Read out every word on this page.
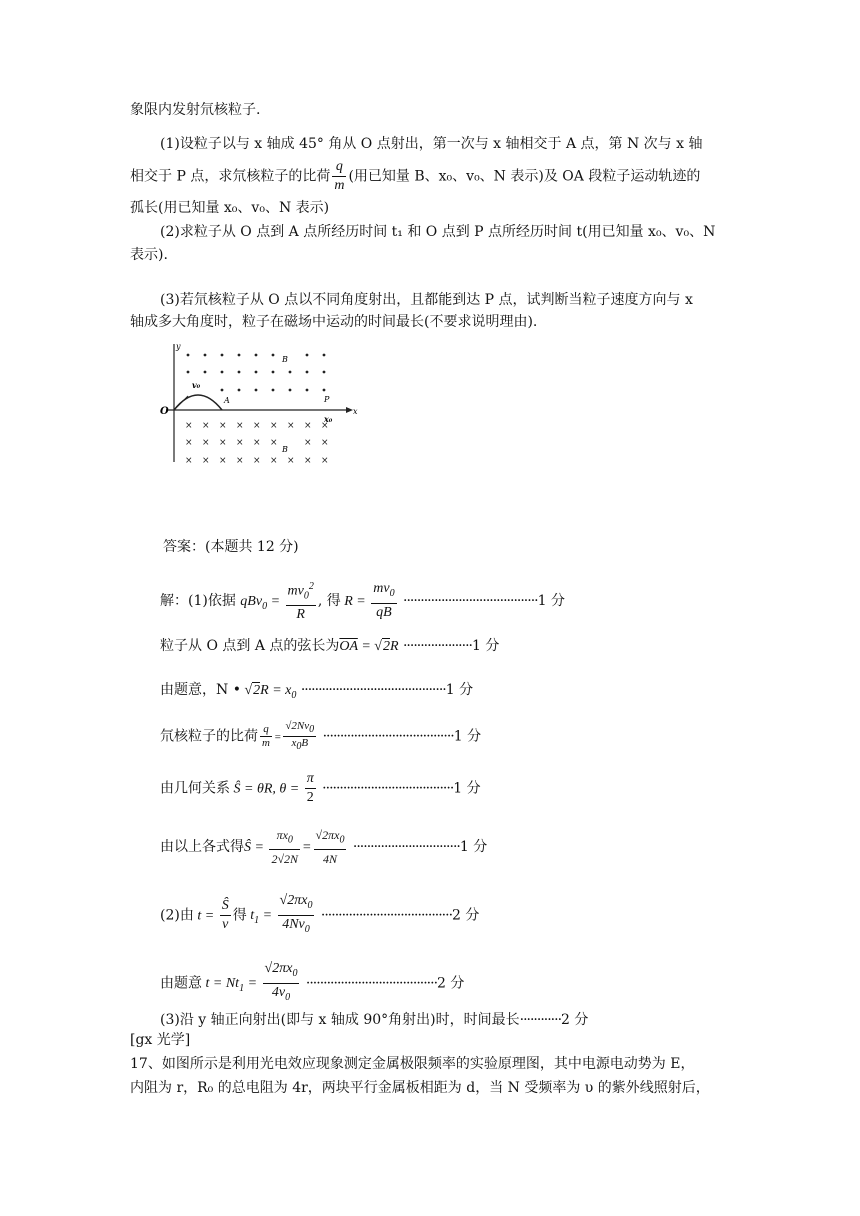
象限内发射氘核粒子.
(1)设粒子以与 x 轴成 45° 角从 O 点射出，第一次与 x 轴相交于 A 点，第 N 次与 x 轴
相交于 P 点，求氘核粒子的比荷 $\frac{q}{m}$ (用已知量 B、x₀、v₀、N 表示)及 OA 段粒子运动轨迹的
孤长(用已知量 x₀、v₀、N 表示)
(2)求粒子从 O 点到 A 点所经历时间 t₁ 和 O 点到 P 点所经历时间 t(用已知量 x₀、v₀、N
表示).
(3)若氘核粒子从 O 点以不同角度射出，且都能到达 P 点，试判断当粒子速度方向与 x
轴成多大角度时，粒子在磁场中运动的时间最长(不要求说明理由).
y
x
O
v₀
A	P
x₀
B
B
× × × × × × × × ×
× × × × × ×	× ×
× × × × × × × × ×
答案：(本题共 12 分)
解：(1)依据 $qBv_0 = \frac{mv_0^2}{R}$ , 得 $R = \frac{mv_0}{qB} \cdot\cdot\cdot\cdot\cdot\cdot\cdot\cdot\cdot\cdot\cdot\cdot\cdot\cdot\cdot\cdot\cdot\cdot\cdot\cdot\cdot\cdot\cdot\cdot\cdot\cdot\cdot\cdot\cdot\cdot\cdot\cdot\cdot\cdot\cdot\cdot\cdot\cdot\cdot 1$ 分
粒子从 O 点到 A 点的弦长为$\overline{OA} = √2R \cdot\cdot\cdot\cdot\cdot\cdot\cdot\cdot\cdot\cdot\cdot\cdot\cdot\cdot\cdot\cdot\cdot\cdot\cdot\cdot 1$ 分
由题意，N • $√2R = x_0 \cdot\cdot\cdot\cdot\cdot\cdot\cdot\cdot\cdot\cdot\cdot\cdot\cdot\cdot\cdot\cdot\cdot\cdot\cdot\cdot\cdot\cdot\cdot\cdot\cdot\cdot\cdot\cdot\cdot\cdot\cdot\cdot\cdot\cdot\cdot\cdot\cdot\cdot\cdot\cdot\cdot\cdot 1$ 分
氘核粒子的比荷 $\frac{q}{m} = \frac{√2Nv_0}{x_0B} \cdot\cdot\cdot\cdot\cdot\cdot\cdot\cdot\cdot\cdot\cdot\cdot\cdot\cdot\cdot\cdot\cdot\cdot\cdot\cdot\cdot\cdot\cdot\cdot\cdot\cdot\cdot\cdot\cdot\cdot\cdot\cdot\cdot\cdot\cdot\cdot\cdot\cdot 1$ 分
由几何关系 Ŝ = θR, $\theta = \frac{\pi}{2} \cdot\cdot\cdot\cdot\cdot\cdot\cdot\cdot\cdot\cdot\cdot\cdot\cdot\cdot\cdot\cdot\cdot\cdot\cdot\cdot\cdot\cdot\cdot\cdot\cdot\cdot\cdot\cdot\cdot\cdot\cdot\cdot\cdot\cdot\cdot\cdot\cdot\cdot 1$ 分
由以上各式得Ŝ = $\frac{\pi x_0}{2√2N} = \frac{√2\pi x_0}{4N} \cdot\cdot\cdot\cdot\cdot\cdot\cdot\cdot\cdot\cdot\cdot\cdot\cdot\cdot\cdot\cdot\cdot\cdot\cdot\cdot\cdot\cdot\cdot\cdot\cdot\cdot\cdot\cdot\cdot\cdot\cdot 1$ 分
(2)由 $t = \frac{Ŝ}{v}$ 得 $t_1 = \frac{√2\pi x_0}{4Nv_0} \cdot\cdot\cdot\cdot\cdot\cdot\cdot\cdot\cdot\cdot\cdot\cdot\cdot\cdot\cdot\cdot\cdot\cdot\cdot\cdot\cdot\cdot\cdot\cdot\cdot\cdot\cdot\cdot\cdot\cdot\cdot\cdot\cdot\cdot\cdot\cdot\cdot\cdot 2$ 分
由题意 $t = Nt_1 = \frac{√2\pi x_0}{4v_0} \cdot\cdot\cdot\cdot\cdot\cdot\cdot\cdot\cdot\cdot\cdot\cdot\cdot\cdot\cdot\cdot\cdot\cdot\cdot\cdot\cdot\cdot\cdot\cdot\cdot\cdot\cdot\cdot\cdot\cdot\cdot\cdot\cdot\cdot\cdot\cdot\cdot\cdot 2$ 分
(3)沿 y 轴正向射出(即与 x 轴成 90°角射出)时，时间最长············2 分
[gx 光学]
17、如图所示是利用光电效应现象测定金属极限频率的实验原理图，其中电源电动势为 E，
内阻为 r，R₀ 的总电阻为 4r，两块平行金属板相距为 d，当 N 受频率为 υ 的紫外线照射后，
